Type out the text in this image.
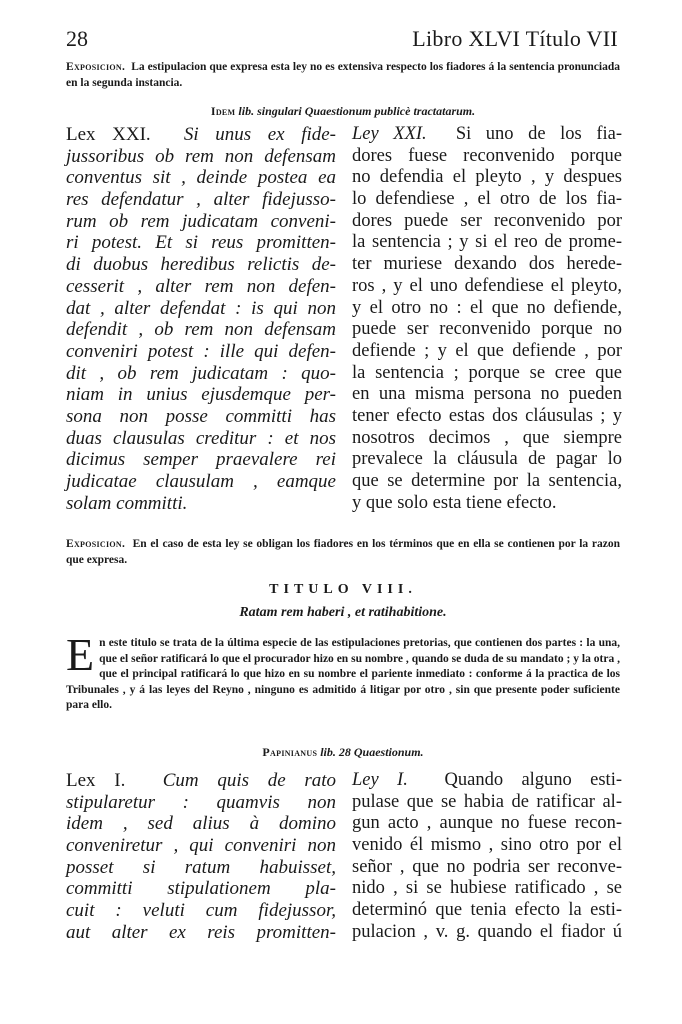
28	Libro XLVI Título VII
Exposicion. La estipulacion que expresa esta ley no es extensiva respecto los fiadores á la sentencia pronunciada en la segunda instancia.
Idem lib. singulari Quaestionum publicè tractatarum.
Lex XXI. Si unus ex fide-
jussoribus ob rem non defensam
conventus sit , deinde postea ea
res defendatur , alter fidejusso-
rum ob rem judicatam conveni-
ri potest. Et si reus promitten-
di duobus heredibus relictis de-
cesserit , alter rem non defen-
dat , alter defendat : is qui non
defendit , ob rem non defensam
conveniri potest : ille qui defen-
dit , ob rem judicatam : quo-
niam in unius ejusdemque per-
sona non posse committi has
duas clausulas creditur : et nos
dicimus semper praevalere rei
judicatae clausulam , eamque
solam committi.
Ley XXI. Si uno de los fia-
dores fuese reconvenido porque
no defendia el pleyto , y despues
lo defendiese , el otro de los fia-
dores puede ser reconvenido por
la sentencia ; y si el reo de prome-
ter muriese dexando dos herede-
ros , y el uno defendiese el pleyto,
y el otro no : el que no defiende,
puede ser reconvenido porque no
defiende ; y el que defiende , por
la sentencia ; porque se cree que
en una misma persona no pueden
tener efecto estas dos cláusulas ; y
nosotros decimos , que siempre
prevalece la cláusula de pagar lo
que se determine por la sentencia,
y que solo esta tiene efecto.
Exposicion. En el caso de esta ley se obligan los fiadores en los términos que en ella se contienen por la razon que expresa.
TITULO VIII.
Ratam rem haberi , et ratihabitione.
En este titulo se trata de la última especie de las estipulaciones pretorias, que contienen dos partes : la una, que el señor ratificará lo que el procurador hizo en su nombre , quando se duda de su mandato ; y la otra , que el principal ratificará lo que hizo en su nombre el pariente inmediato : conforme á la practica de los Tribunales , y á las leyes del Reyno , ninguno es admitido á litigar por otro , sin que presente poder suficiente para ello.
Papinianus lib. 28 Quaestionum.
Lex I. Cum quis de rato
stipularetur : quamvis non
idem , sed alius à domino
conveniretur , qui conveniri non
posset si ratum habuisset,
committi stipulationem pla-
cuit : veluti cum fidejussor,
aut alter ex reis promitten-
Ley I. Quando alguno esti-
pulase que se habia de ratificar al-
gun acto , aunque no fuese recon-
venido él mismo , sino otro por el
señor , que no podria ser reconve-
nido , si se hubiese ratificado , se
determinó que tenia efecto la esti-
pulacion , v. g. quando el fiador ú
